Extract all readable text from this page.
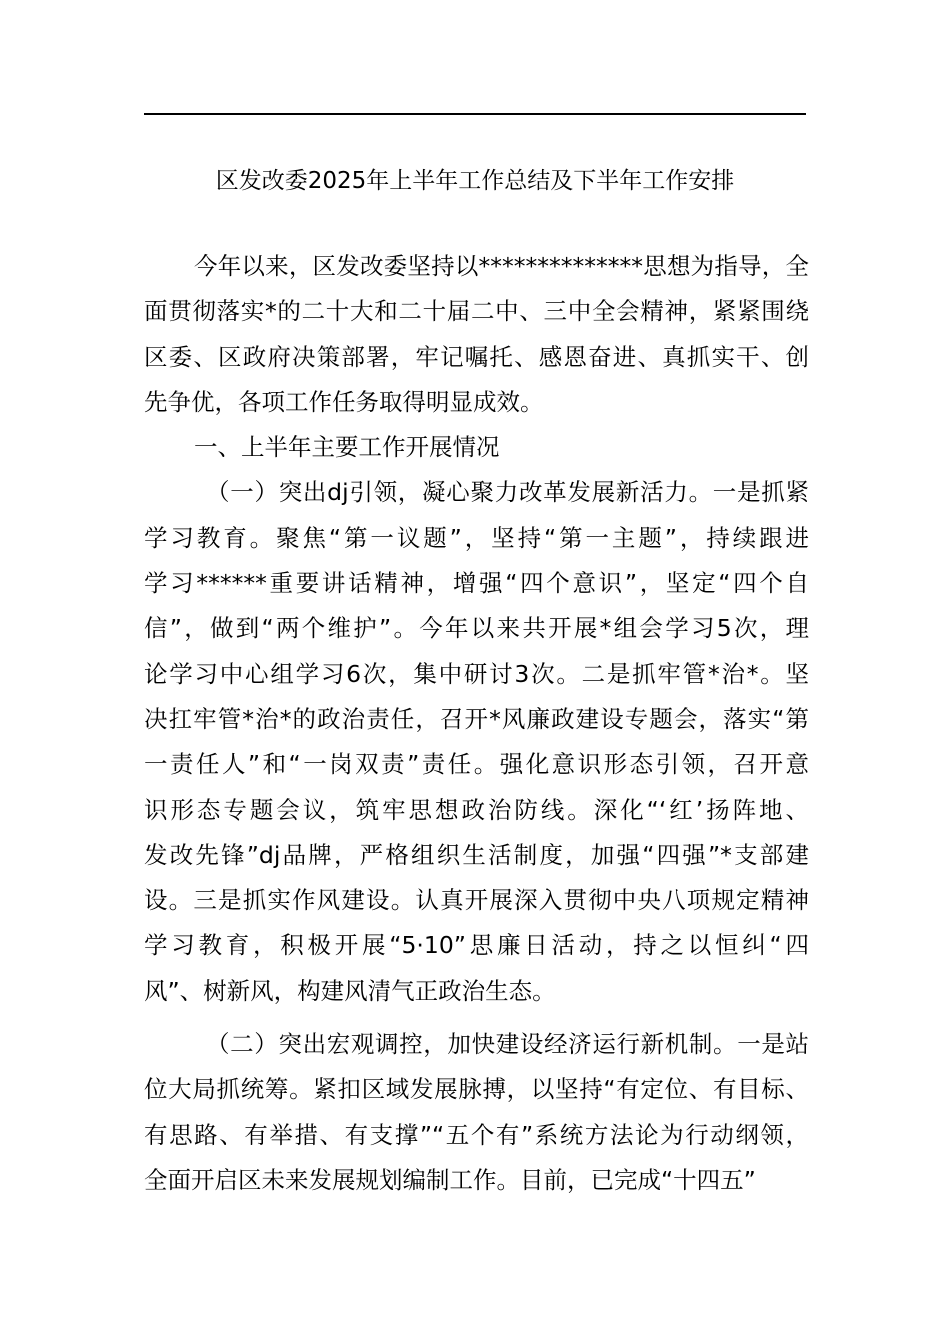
区发改委2025年上半年工作总结及下半年工作安排
今年以来，区发改委坚持以**************思想为指导，全
面贯彻落实*的二十大和二十届二中、三中全会精神，紧紧围绕
区委、区政府决策部署，牢记嘱托、感恩奋进、真抓实干、创
先争优，各项工作任务取得明显成效。
一、上半年主要工作开展情况
（一）突出dj引领，凝心聚力改革发展新活力。一是抓紧
学习教育。聚焦“第一议题”，坚持“第一主题”，持续跟进
学习******重要讲话精神，增强“四个意识”，坚定“四个自
信”，做到“两个维护”。今年以来共开展*组会学习5次，理
论学习中心组学习6次，集中研讨3次。二是抓牢管*治*。坚
决扛牢管*治*的政治责任，召开*风廉政建设专题会，落实“第
一责任人”和“一岗双责”责任。强化意识形态引领，召开意
识形态专题会议，筑牢思想政治防线。深化“‘红’扬阵地、
发改先锋”dj品牌，严格组织生活制度，加强“四强”*支部建
设。三是抓实作风建设。认真开展深入贯彻中央八项规定精神
学习教育，积极开展“5·10”思廉日活动，持之以恒纠“四
风”、树新风，构建风清气正政治生态。
（二）突出宏观调控，加快建设经济运行新机制。一是站
位大局抓统筹。紧扣区域发展脉搏，以坚持“有定位、有目标、
有思路、有举措、有支撑”“五个有”系统方法论为行动纲领，
全面开启区未来发展规划编制工作。目前，已完成“十四五”
